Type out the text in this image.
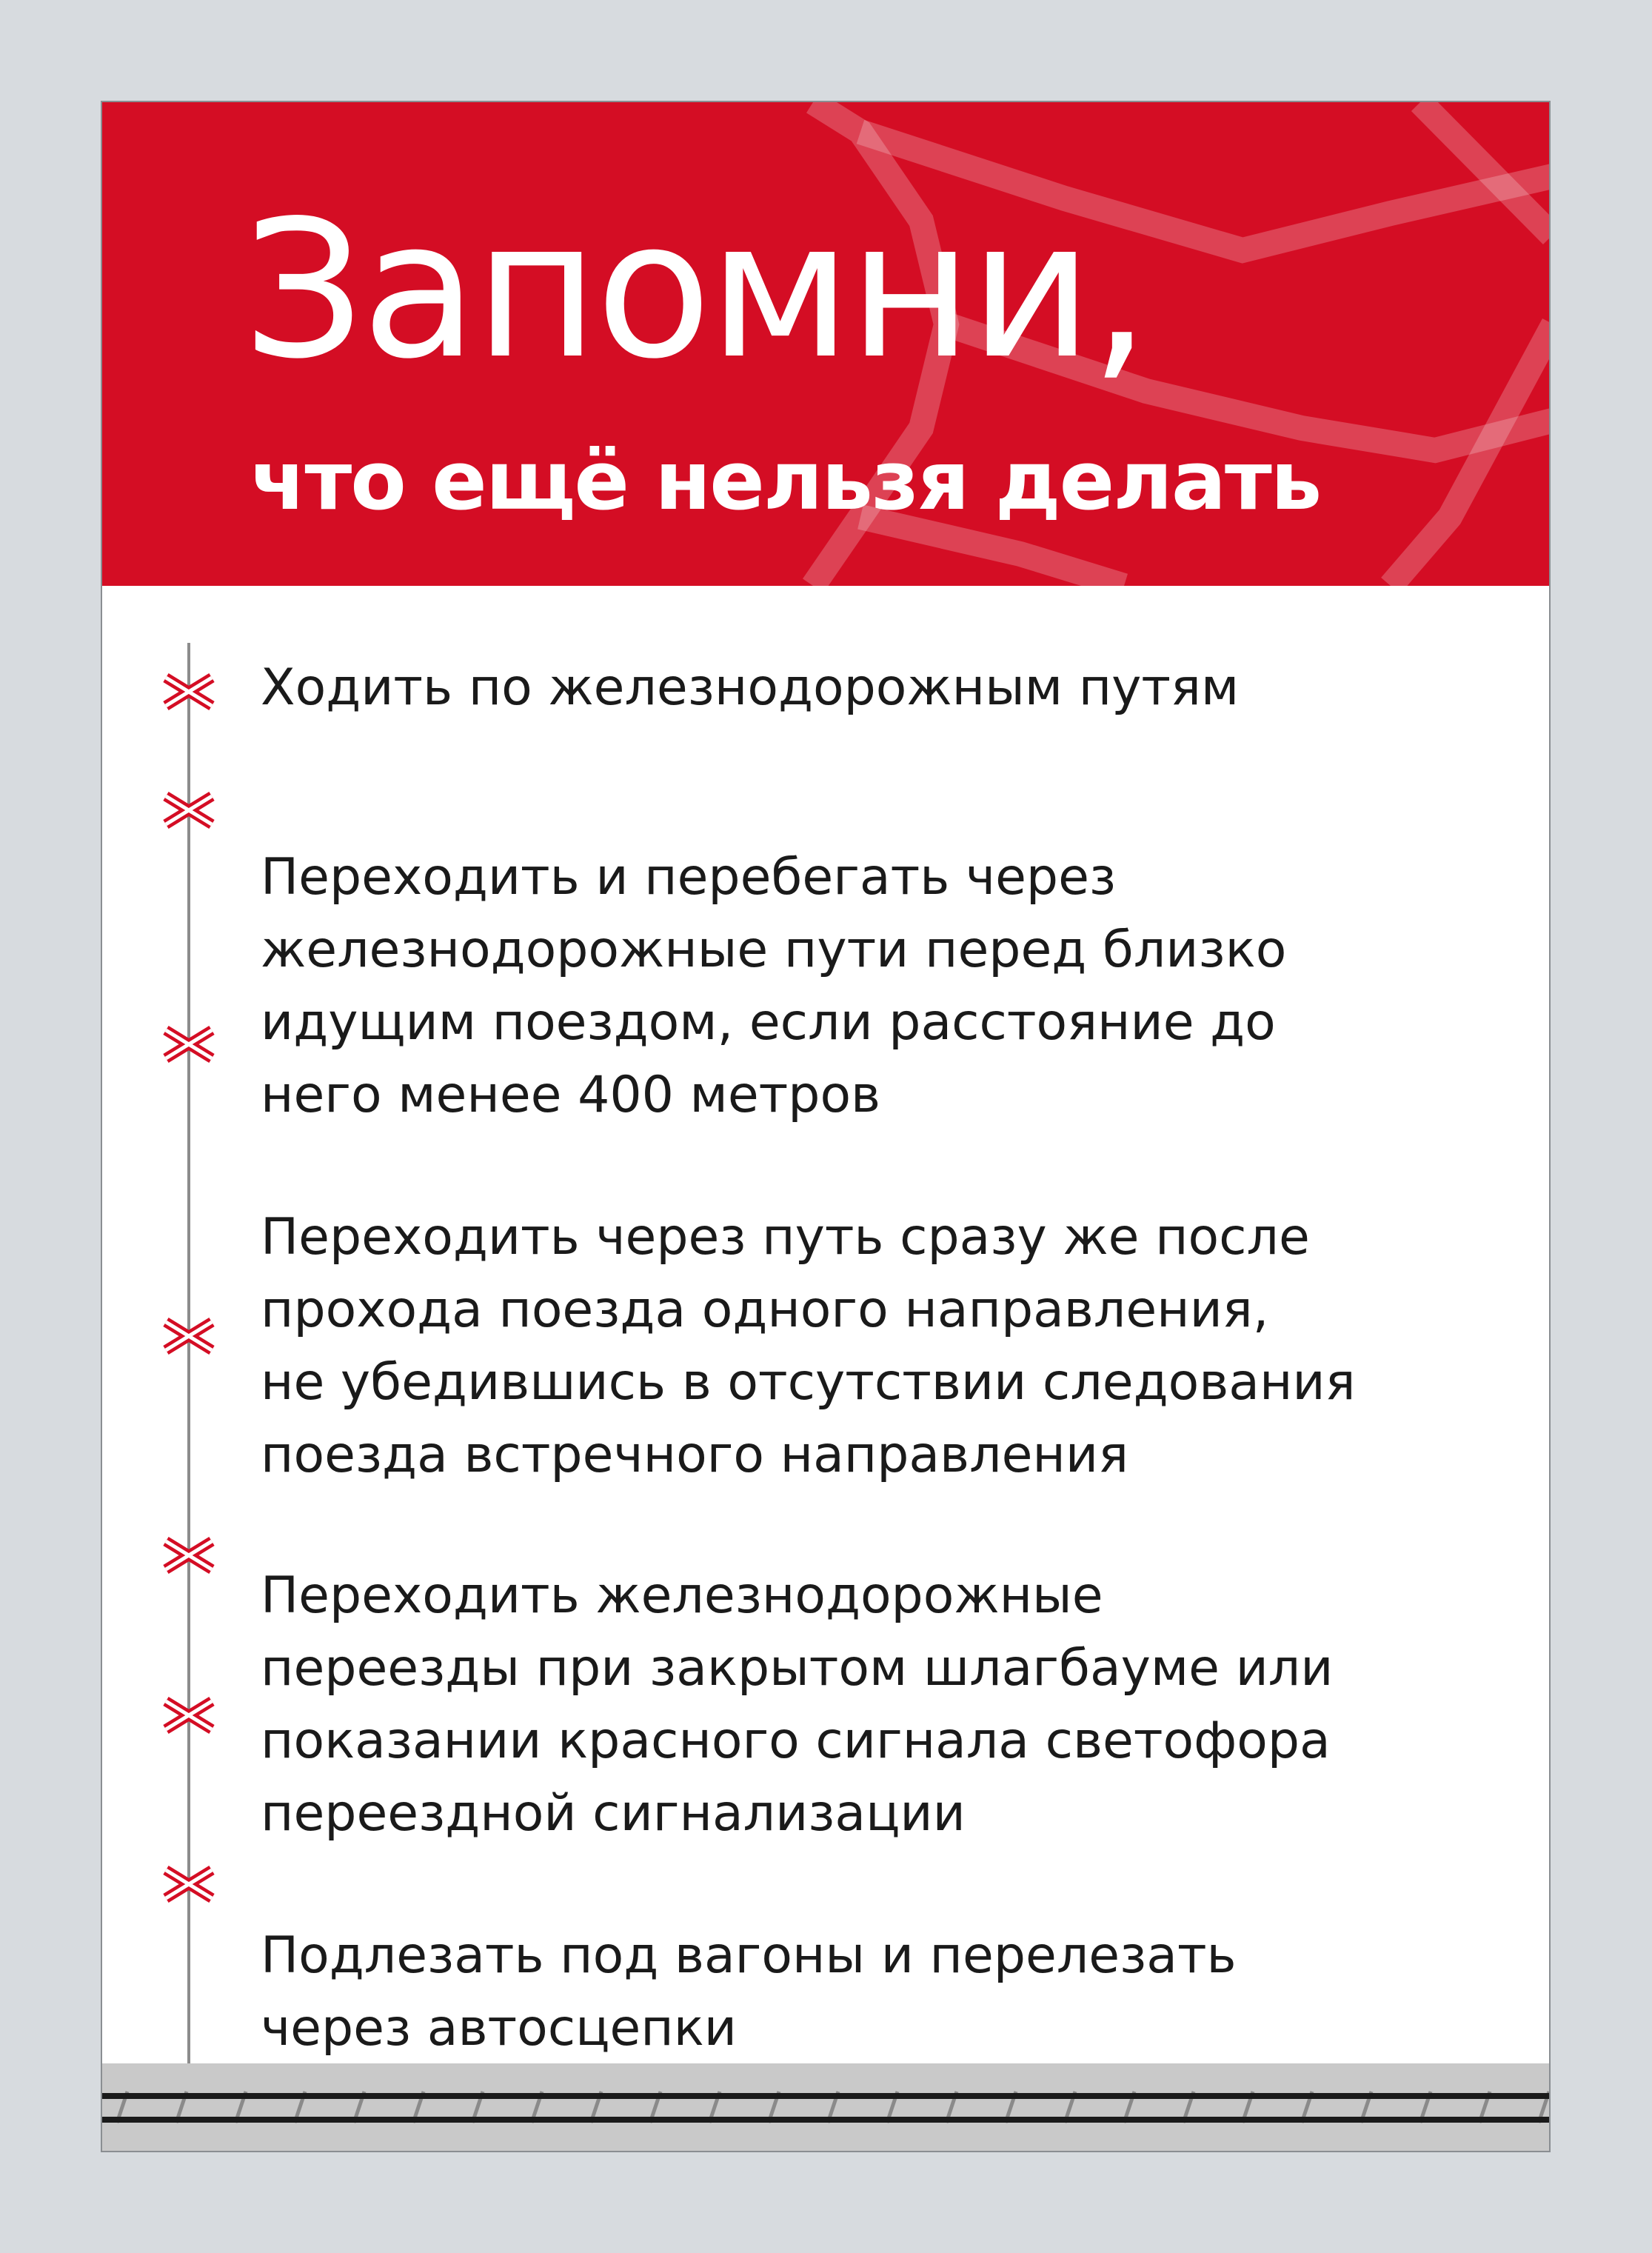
Запомни,
что ещё нельзя делать

Ходить по железнодорожным путям

Переходить и перебегать через
железнодорожные пути перед близко
идущим поездом, если расстояние до
него менее 400 метров

Переходить через путь сразу же после
прохода поезда одного направления,
не убедившись в отсутствии следования
поезда встречного направления

Переходить железнодорожные
переезды при закрытом шлагбауме или
показании красного сигнала светофора
переездной сигнализации

Подлезать под вагоны и перелезать
через автосцепки
